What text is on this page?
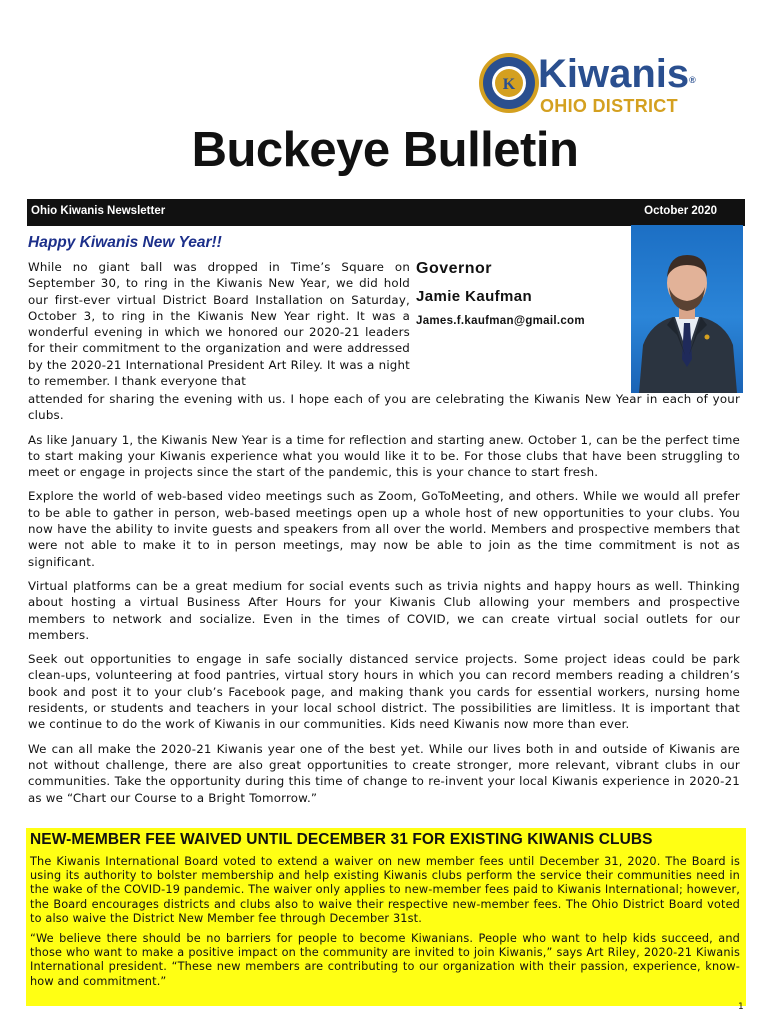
K Kiwanis®
OHIO DISTRICT
Buckeye Bulletin
Ohio Kiwanis Newsletter	October 2020
Happy Kiwanis New Year!!
While no giant ball was dropped in Time’s Square on September 30, to ring in the Kiwanis New Year, we did hold our first-ever virtual District Board Installation on Saturday, October 3, to ring in the Kiwanis New Year right. It was a wonderful evening in which we honored our 2020-21 leaders for their commitment to the organization and were addressed by the 2020-21 International President Art Riley. It was a night to remember. I thank everyone that
Governor
Jamie Kaufman
James.f.kaufman@gmail.com

attended for sharing the evening with us. I hope each of you are celebrating the Kiwanis New Year in each of your clubs.

As like January 1, the Kiwanis New Year is a time for reflection and starting anew. October 1, can be the perfect time to start making your Kiwanis experience what you would like it to be. For those clubs that have been struggling to meet or engage in projects since the start of the pandemic, this is your chance to start fresh.

Explore the world of web-based video meetings such as Zoom, GoToMeeting, and others. While we would all prefer to be able to gather in person, web-based meetings open up a whole host of new opportunities to your clubs. You now have the ability to invite guests and speakers from all over the world. Members and prospective members that were not able to make it to in person meetings, may now be able to join as the time commitment is not as significant.

Virtual platforms can be a great medium for social events such as trivia nights and happy hours as well. Thinking about hosting a virtual Business After Hours for your Kiwanis Club allowing your members and prospective members to network and socialize. Even in the times of COVID, we can create virtual social outlets for our members.

Seek out opportunities to engage in safe socially distanced service projects. Some project ideas could be park clean-ups, volunteering at food pantries, virtual story hours in which you can record members reading a children’s book and post it to your club’s Facebook page, and making thank you cards for essential workers, nursing home residents, or students and teachers in your local school district. The possibilities are limitless. It is important that we continue to do the work of Kiwanis in our communities. Kids need Kiwanis now more than ever.

We can all make the 2020-21 Kiwanis year one of the best yet. While our lives both in and outside of Kiwanis are not without challenge, there are also great opportunities to create stronger, more relevant, vibrant clubs in our communities. Take the opportunity during this time of change to re-invent your local Kiwanis experience in 2020-21 as we “Chart our Course to a Bright Tomorrow.”

NEW-MEMBER FEE WAIVED UNTIL DECEMBER 31 FOR EXISTING KIWANIS CLUBS

The Kiwanis International Board voted to extend a waiver on new member fees until December 31, 2020. The Board is using its authority to bolster membership and help existing Kiwanis clubs perform the service their communities need in the wake of the COVID-19 pandemic. The waiver only applies to new-member fees paid to Kiwanis International; however, the Board encourages districts and clubs also to waive their respective new-member fees. The Ohio District Board voted to also waive the District New Member fee through December 31st.

“We believe there should be no barriers for people to become Kiwanians. People who want to help kids succeed, and those who want to make a positive impact on the community are invited to join Kiwanis,” says Art Riley, 2020-21 Kiwanis International president. “These new members are contributing to our organization with their passion, experience, know-how and commitment.”

1
